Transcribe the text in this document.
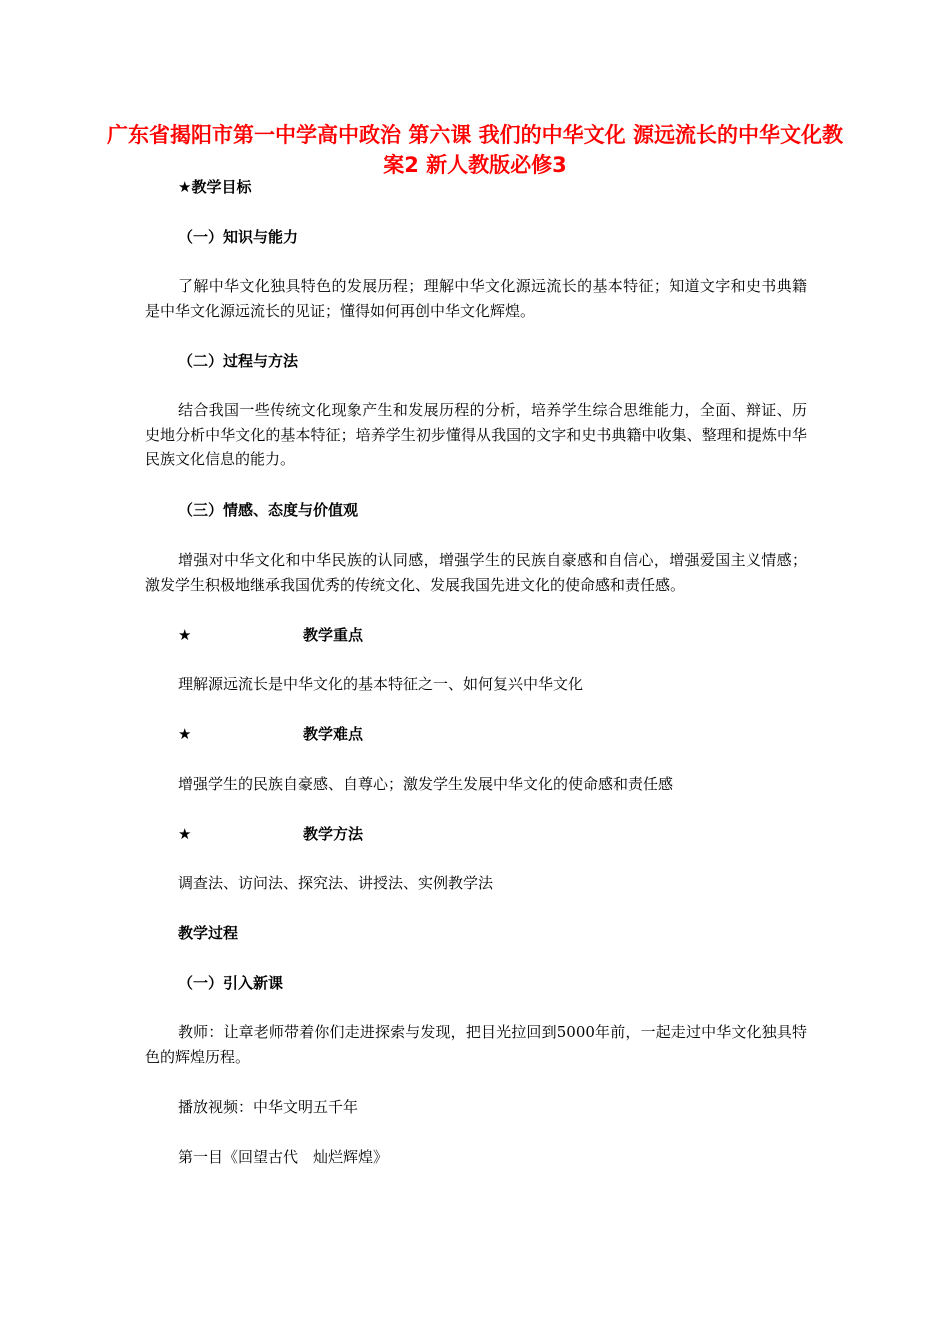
广东省揭阳市第一中学高中政治 第六课 我们的中华文化 源远流长的中华文化教案2 新人教版必修3
★教学目标
（一）知识与能力

了解中华文化独具特色的发展历程；理解中华文化源远流长的基本特征；知道文字和史书典籍是中华文化源远流长的见证；懂得如何再创中华文化辉煌。

（二）过程与方法

结合我国一些传统文化现象产生和发展历程的分析，培养学生综合思维能力，全面、辩证、历史地分析中华文化的基本特征；培养学生初步懂得从我国的文字和史书典籍中收集、整理和提炼中华民族文化信息的能力。

（三）情感、态度与价值观

增强对中华文化和中华民族的认同感，增强学生的民族自豪感和自信心，增强爱国主义情感；激发学生积极地继承我国优秀的传统文化、发展我国先进文化的使命感和责任感。

★	教学重点
理解源远流长是中华文化的基本特征之一、如何复兴中华文化
★	教学难点
增强学生的民族自豪感、自尊心；激发学生发展中华文化的使命感和责任感
★	教学方法
调查法、访问法、探究法、讲授法、实例教学法
教学过程
（一）引入新课

教师：让章老师带着你们走进探索与发现，把目光拉回到5000年前，一起走过中华文化独具特色的辉煌历程。

播放视频：中华文明五千年
第一目《回望古代　灿烂辉煌》
